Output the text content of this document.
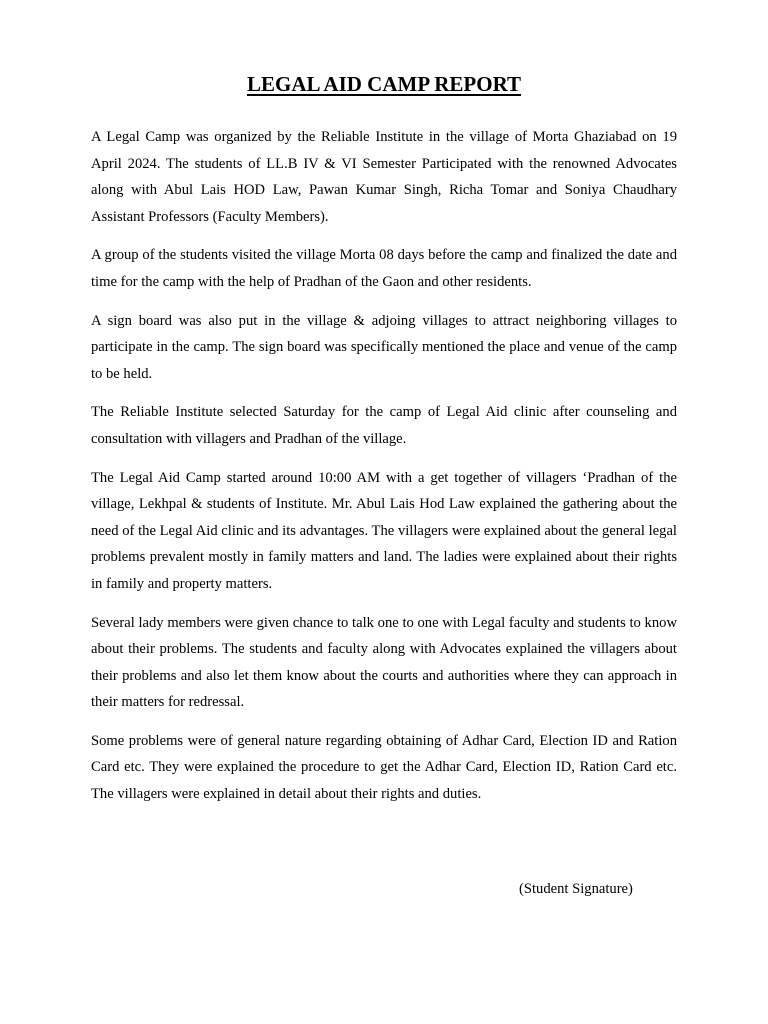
LEGAL AID CAMP REPORT

A Legal Camp was organized by the Reliable Institute in the village of Morta Ghaziabad on 19 April 2024. The students of LL.B IV & VI Semester Participated with the renowned Advocates along with Abul Lais HOD Law, Pawan Kumar Singh, Richa Tomar and Soniya Chaudhary Assistant Professors (Faculty Members).

A group of the students visited the village Morta 08 days before the camp and finalized the date and time for the camp with the help of Pradhan of the Gaon and other residents.

A sign board was also put in the village & adjoing villages to attract neighboring villages to participate in the camp. The sign board was specifically mentioned the place and venue of the camp to be held.

The Reliable Institute selected Saturday for the camp of Legal Aid clinic after counseling and consultation with villagers and Pradhan of the village.

The Legal Aid Camp started around 10:00 AM with a get together of villagers ‘Pradhan of the village, Lekhpal & students of Institute. Mr. Abul Lais Hod Law explained the gathering about the need of the Legal Aid clinic and its advantages. The villagers were explained about the general legal problems prevalent mostly in family matters and land. The ladies were explained about their rights in family and property matters.

Several lady members were given chance to talk one to one with Legal faculty and students to know about their problems. The students and faculty along with Advocates explained the villagers about their problems and also let them know about the courts and authorities where they can approach in their matters for redressal.

Some problems were of general nature regarding obtaining of Adhar Card, Election ID and Ration Card etc. They were explained the procedure to get the Adhar Card, Election ID, Ration Card etc. The villagers were explained in detail about their rights and duties.

(Student Signature)
